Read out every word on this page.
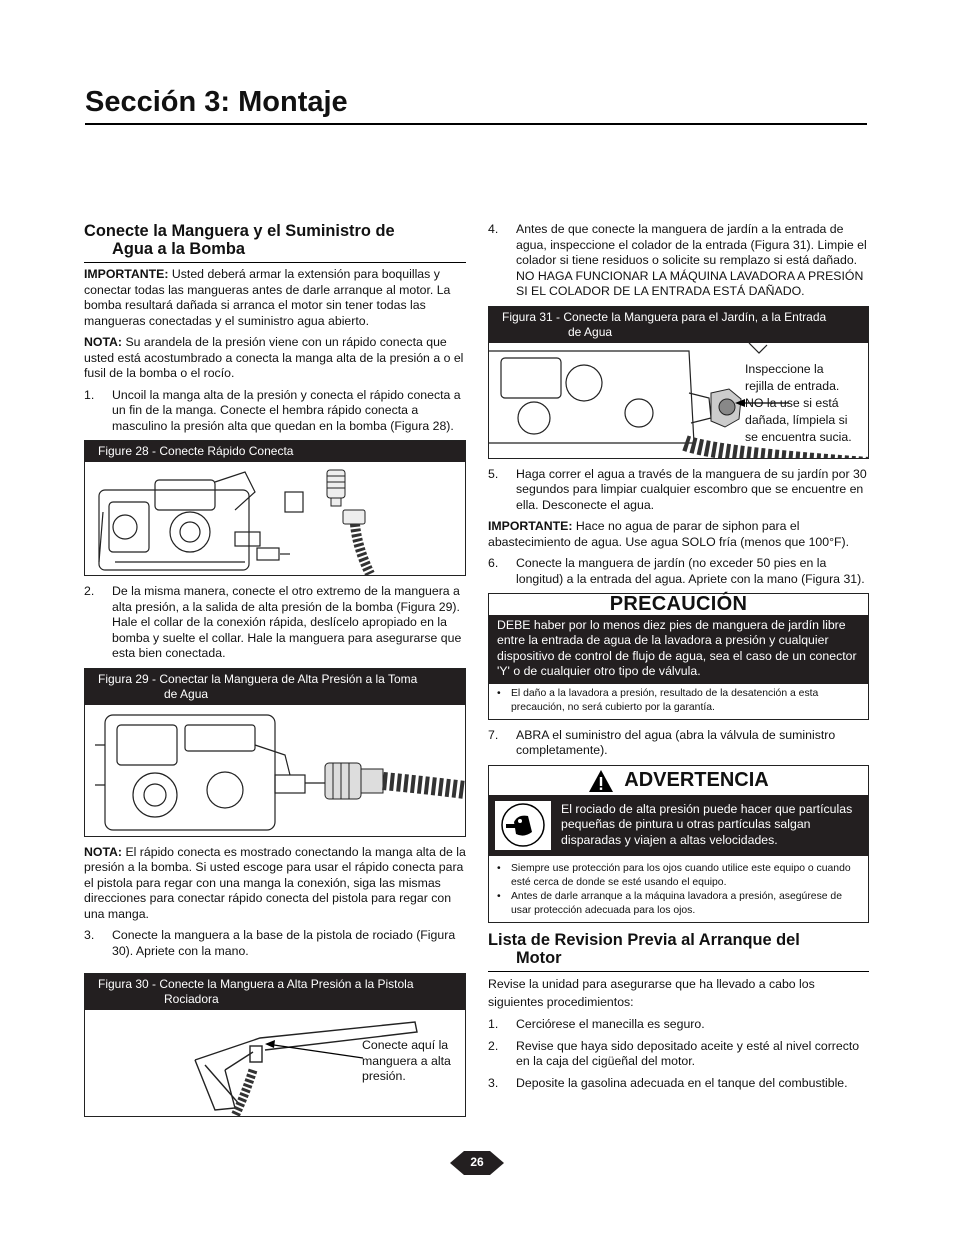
Sección 3: Montaje
Conecte la Manguera y el Suministro de
Agua a la Bomba

IMPORTANTE: Usted deberá armar la extensión para boquillas y conectar todas las mangueras antes de darle arranque al motor. La bomba resultará dañada si arranca el motor sin tener todas las mangueras conectadas y el suministro agua abierto.

NOTA: Su arandela de la presión viene con un rápido conecta que usted está acostumbrado a conecta la manga alta de la presión a o el fusil de la bomba o el rocío.

1.	Uncoil la manga alta de la presión y conecta el rápido conecta a un fin de la manga. Conecte el hembra rápido conecta a masculino la presión alta que quedan en la bomba (Figura 28).
Figure 28 - Conecte Rápido Conecta
2.	De la misma manera, conecte el otro extremo de la manguera a alta presión, a la salida de alta presión de la bomba (Figura 29). Hale el collar de la conexión rápida, deslícelo apropiado en la bomba y suelte el collar. Hale la manguera para asegurarse que esta bien conectada.
Figura 29 - Conectar la Manguera de Alta Presión a la Toma
de Agua

NOTA: El rápido conecta es mostrado conectando la manga alta de la presión a la bomba. Si usted escoge para usar el rápido conecta para el pistola para regar con una manga la conexión, siga las mismas direcciones para conectar rápido conecta del pistola para regar con una manga.

3.	Conecte la manguera a la base de la pistola de rociado (Figura 30). Apriete con la mano.
Figura 30 - Conecte la Manguera a Alta Presión a la Pistola
Rociadora
Conecte aquí la
manguera a alta
presión.
4.	Antes de que conecte la manguera de jardín a la entrada de agua, inspeccione el colador de la entrada (Figura 31). Limpie el colador si tiene residuos o solicite su remplazo si está dañado. NO HAGA FUNCIONAR LA MÁQUINA LAVADORA A PRESIÓN SI EL COLADOR DE LA ENTRADA ESTÁ DAÑADO.
Figura 31 - Conecte la Manguera para el Jardín, a la Entrada
de Agua
Inspeccione la
rejilla de entrada.
NO la use si está
dañada, límpiela si
se encuentra sucia.
5.	Haga correr el agua a través de la manguera de su jardín por 30 segundos para limpiar cualquier escombro que se encuentre en ella. Desconecte el agua.

IMPORTANTE: Hace no agua de parar de siphon para el abastecimiento de agua. Use agua SOLO fría (menos que 100°F).

6.	Conecte la manguera de jardín (no exceder 50 pies en la longitud) a la entrada del agua. Apriete con la mano (Figura 31).
PRECAUCIÓN
DEBE haber por lo menos diez pies de manguera de jardín libre entre la entrada de agua de la lavadora a presión y cualquier dispositivo de control de flujo de agua, sea el caso de un conector 'Y' o de cualquier otro tipo de válvula.
• El daño a la lavadora a presión, resultado de la desatención a esta precaución, no será cubierto por la garantía.
7.	ABRA el suministro del agua (abra la válvula de suministro completamente).
ADVERTENCIA
El rociado de alta presión puede hacer que partículas pequeñas de pintura u otras partículas salgan disparadas y viajen a altas velocidades.
• Siempre use protección para los ojos cuando utilice este equipo o cuando esté cerca de donde se esté usando el equipo.
• Antes de darle arranque a la máquina lavadora a presión, asegúrese de usar protección adecuada para los ojos.
Lista de Revision Previa al Arranque del
Motor

Revise la unidad para asegurarse que ha llevado a cabo los siguientes procedimientos:

1.	Cerciórese el manecilla es seguro.
2.	Revise que haya sido depositado aceite y esté al nivel correcto en la caja del cigüeñal del motor.
3.	Deposite la gasolina adecuada en el tanque del combustible.
26
